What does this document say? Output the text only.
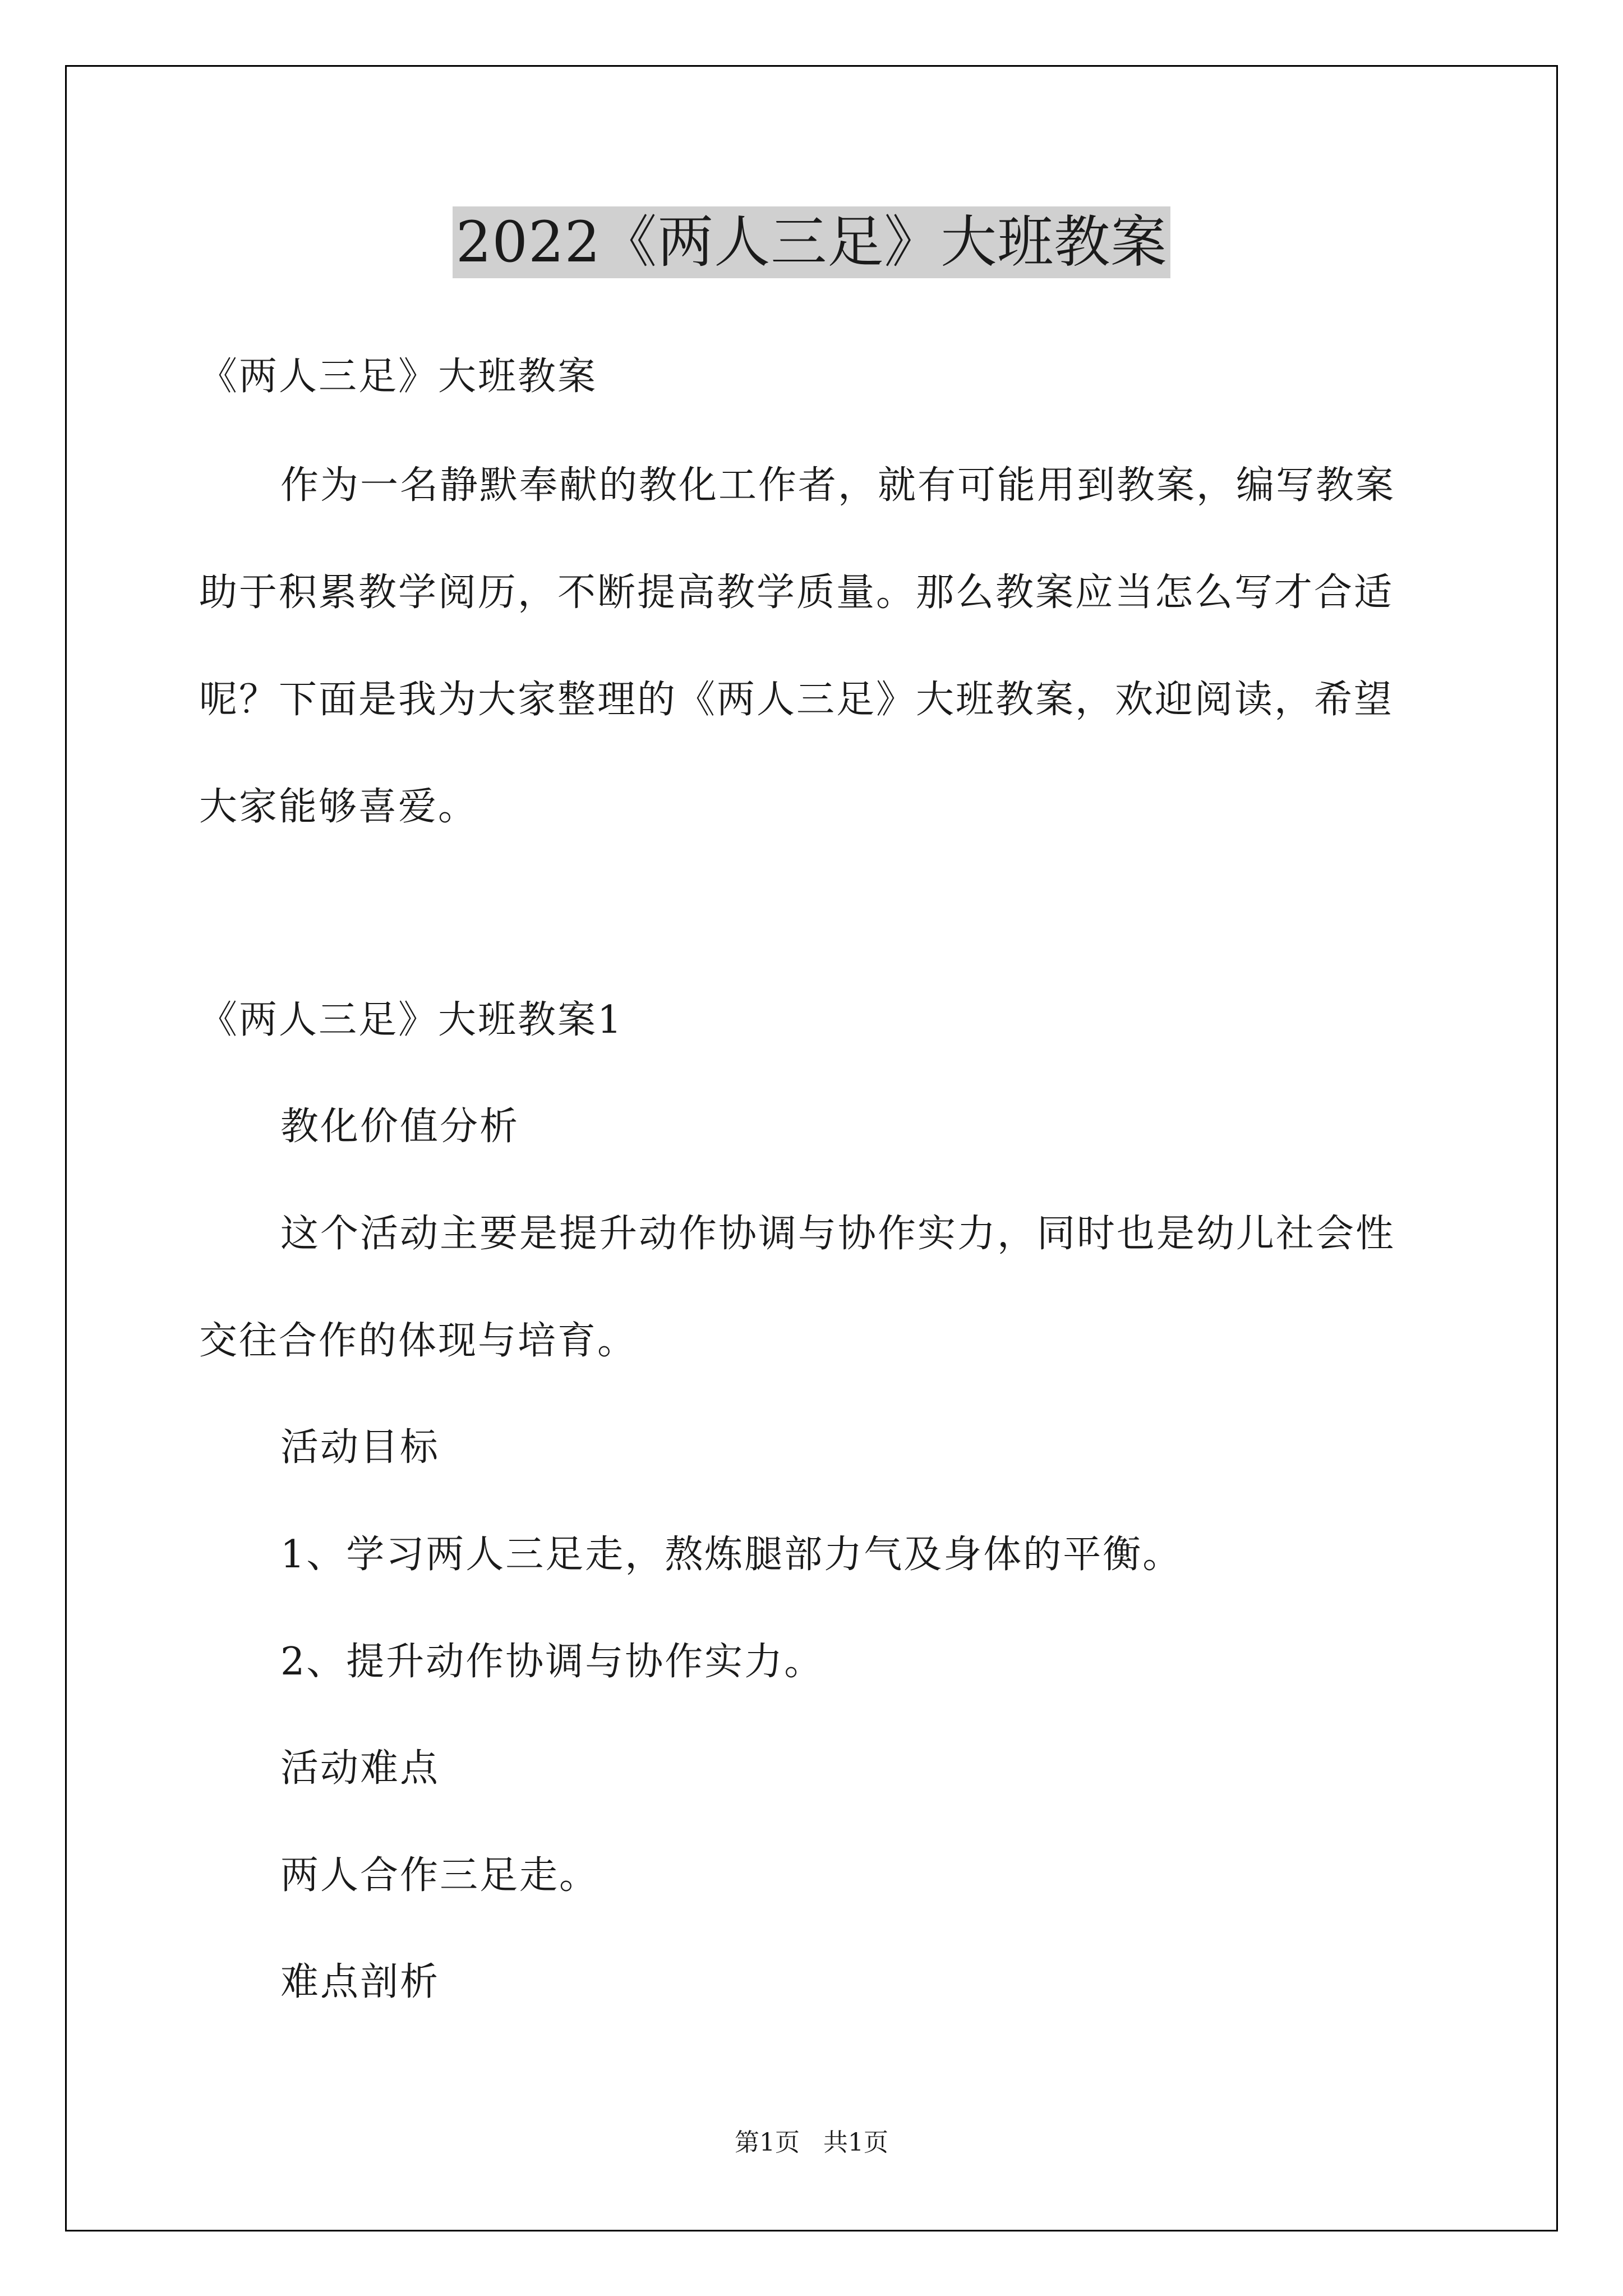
2022《两人三足》大班教案
《两人三足》大班教案
作为一名静默奉献的教化工作者，就有可能用到教案，编写教案
助于积累教学阅历，不断提高教学质量。那么教案应当怎么写才合适
呢？下面是我为大家整理的《两人三足》大班教案，欢迎阅读，希望
大家能够喜爱。
《两人三足》大班教案1
教化价值分析
这个活动主要是提升动作协调与协作实力，同时也是幼儿社会性
交往合作的体现与培育。
活动目标
1、学习两人三足走，熬炼腿部力气及身体的平衡。
2、提升动作协调与协作实力。
活动难点
两人合作三足走。
难点剖析
第1页 共1页
